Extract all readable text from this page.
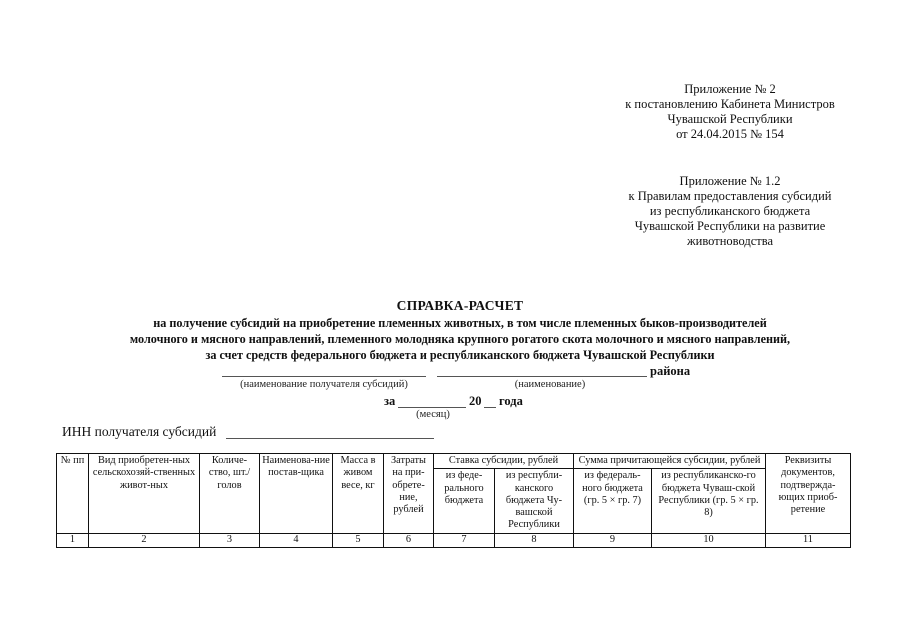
Приложение № 2
к постановлению Кабинета Министров
Чувашской Республики
от 24.04.2015 № 154
Приложение № 1.2
к Правилам предоставления субсидий
из республиканского бюджета
Чувашской Республики на развитие
животноводства
СПРАВКА-РАСЧЕТ
на получение субсидий на приобретение племенных животных, в том числе племенных быков-производителей
молочного и мясного направлений, племенного молодняка крупного рогатого скота молочного и мясного направлений,
за счет средств федерального бюджета и республиканского бюджета Чувашской Республики
района
(наименование получателя субсидий)	(наименование)
за	20 года
(месяц)
ИНН получателя субсидий
№ пп	Вид приобретен-ных сельскохозяй-ственных живот-ных	Количе-ство, шт./голов	Наименова-ние постав-щика	Масса в живом весе, кг	Затраты на при-обрете-ние, рублей	Ставка субсидии, рублей		Сумма причитающейся субсидии, рублей		Реквизиты документов, подтвержда-ющих приоб-ретение
						из феде-рального бюджета	из республи-канского бюджета Чу-вашской Республики	из федераль-ного бюджета (гр. 5 × гр. 7)	из республиканско-го бюджета Чуваш-ской Республики (гр. 5 × гр. 8)	
1	2	3	4	5	6	7	8	9	10	11
